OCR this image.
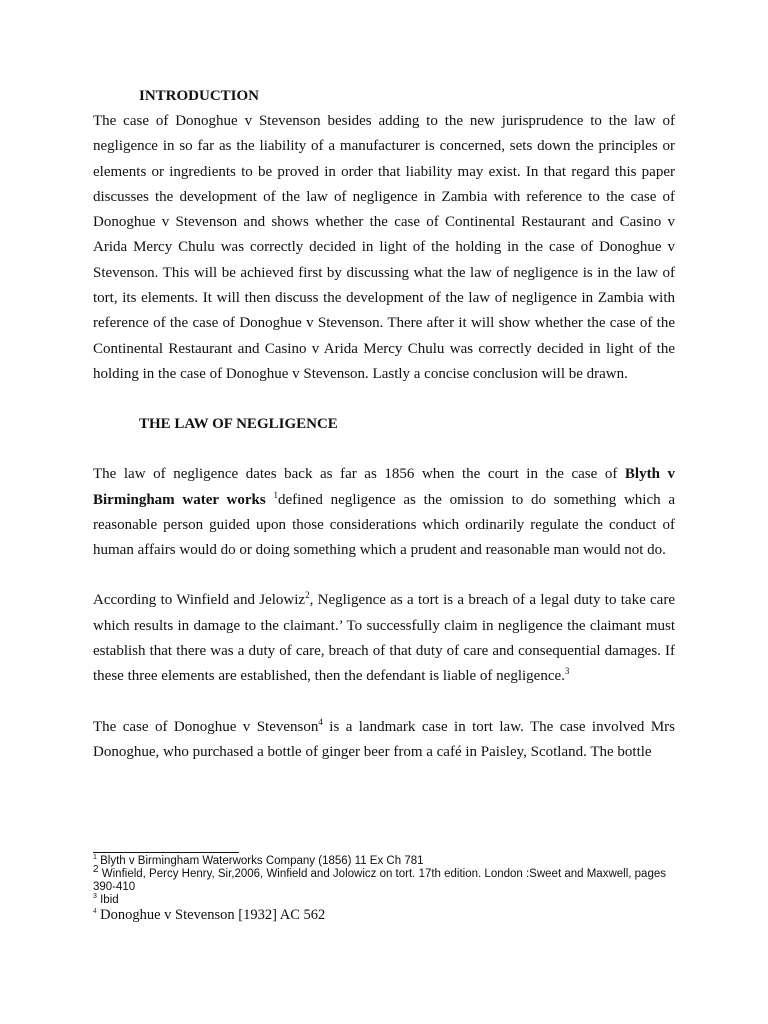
INTRODUCTION

The case of Donoghue v Stevenson besides adding to the new jurisprudence to the law of negligence in so far as the liability of a manufacturer is concerned, sets down the principles or elements or ingredients to be proved in order that liability may exist. In that regard this paper discusses the development of the law of negligence in Zambia with reference to the case of Donoghue v Stevenson and shows whether the case of Continental Restaurant and Casino v Arida Mercy Chulu was correctly decided in light of the holding in the case of Donoghue v Stevenson. This will be achieved first by discussing what the law of negligence is in the law of tort, its elements. It will then discuss the development of the law of negligence in Zambia with reference of the case of Donoghue v Stevenson. There after it will show whether the case of the Continental Restaurant and Casino v Arida Mercy Chulu was correctly decided in light of the holding in the case of Donoghue v Stevenson. Lastly a concise conclusion will be drawn.

THE LAW OF NEGLIGENCE

The law of negligence dates back as far as 1856 when the court in the case of Blyth v Birmingham water works $^1$defined negligence as the omission to do something which a reasonable person guided upon those considerations which ordinarily regulate the conduct of human affairs would do or doing something which a prudent and reasonable man would not do.

According to Winfield and Jelowiz$^2$, Negligence as a tort is a breach of a legal duty to take care which results in damage to the claimant.’ To successfully claim in negligence the claimant must establish that there was a duty of care, breach of that duty of care and consequential damages. If these three elements are established, then the defendant is liable of negligence.$^3$

The case of Donoghue v Stevenson$^4$ is a landmark case in tort law. The case involved Mrs Donoghue, who purchased a bottle of ginger beer from a café in Paisley, Scotland. The bottle

$^1$ Blyth v Birmingham Waterworks Company (1856) 11 Ex Ch 781

$^2$ Winfield, Percy Henry, Sir,2006, Winfield and Jolowicz on tort. 17th edition. London :Sweet and Maxwell, pages 390-410

$^3$ Ibid

$^4$ Donoghue v Stevenson [1932] AC 562
